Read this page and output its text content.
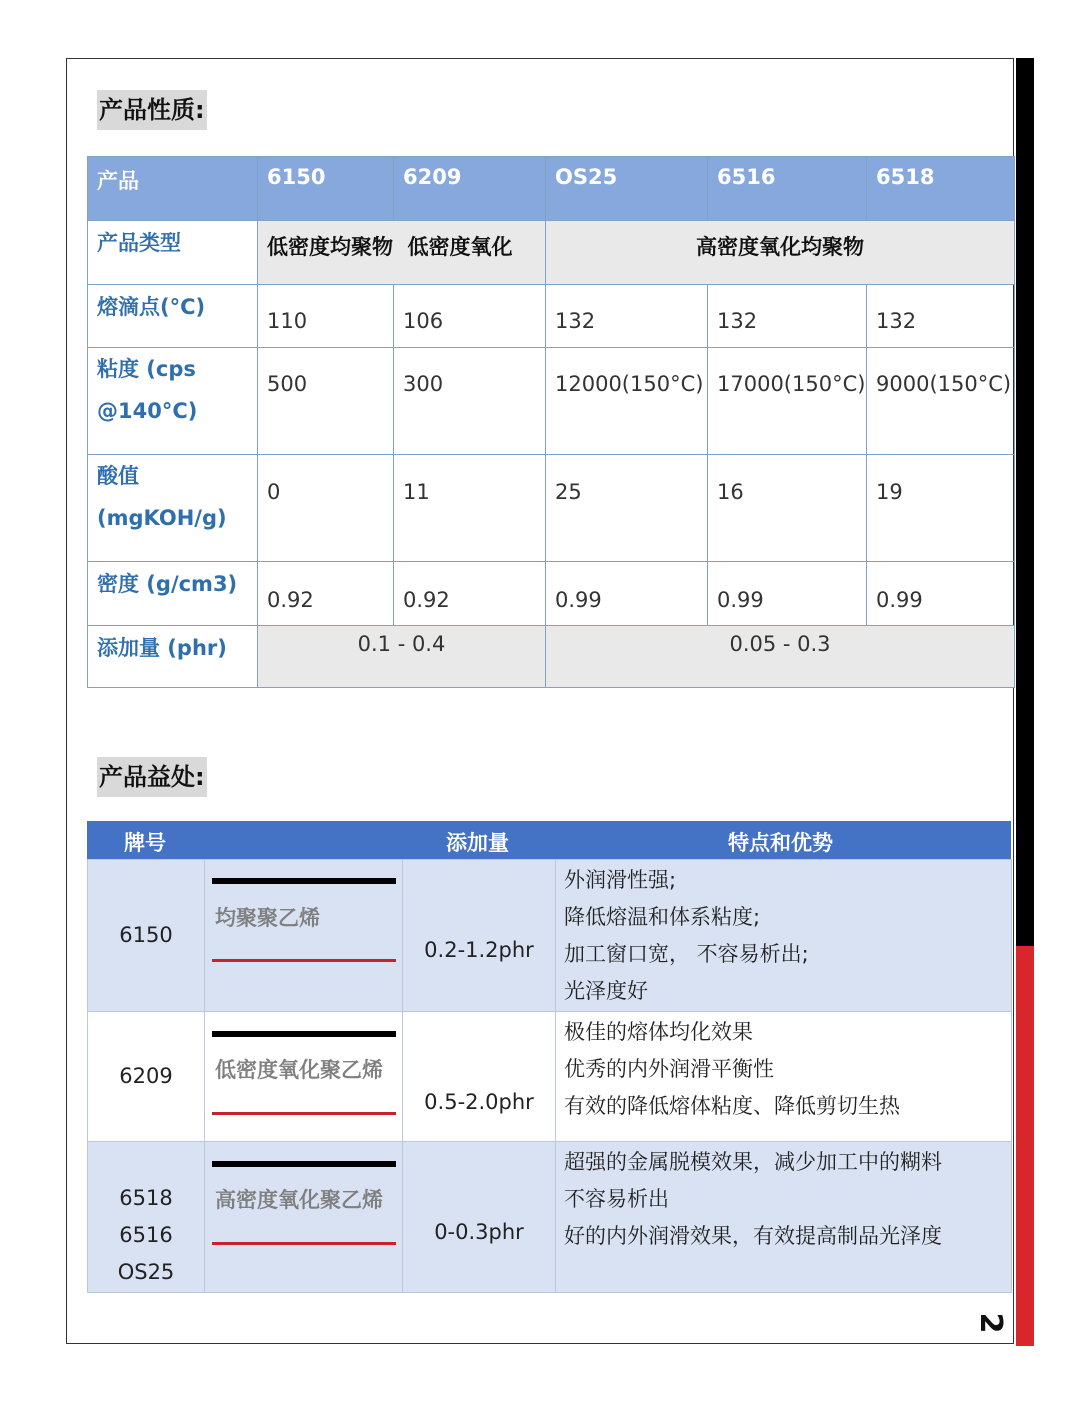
产品性质:
产品	6150	6209	OS25	6516	6518
产品类型	低密度均聚物	低密度氧化	高密度氧化均聚物		
熔滴点(°C)	110	106	132	132	132
粘度 (cps
@140°C)	500	300	12000(150°C)	17000(150°C)	9000(150°C)
酸值
(mgKOH/g)	0	11	25	16	19
密度 (g/cm3)	0.92	0.92	0.99	0.99	0.99
添加量 (phr)	0.1 - 0.4		0.05 - 0.3		
产品益处:
牌号	添加量	特点和优势
6150	均聚聚乙烯	0.2-1.2phr	外润滑性强;
降低熔温和体系粘度;
加工窗口宽， 不容易析出;
光泽度好

6209	低密度氧化聚乙烯	0.5-2.0phr	极佳的熔体均化效果
优秀的内外润滑平衡性
有效的降低熔体粘度、降低剪切生热

6518
6516
OS25	高密度氧化聚乙烯	0-0.3phr	超强的金属脱模效果，减少加工中的糊料
不容易析出
好的内外润滑效果，有效提高制品光泽度
2
